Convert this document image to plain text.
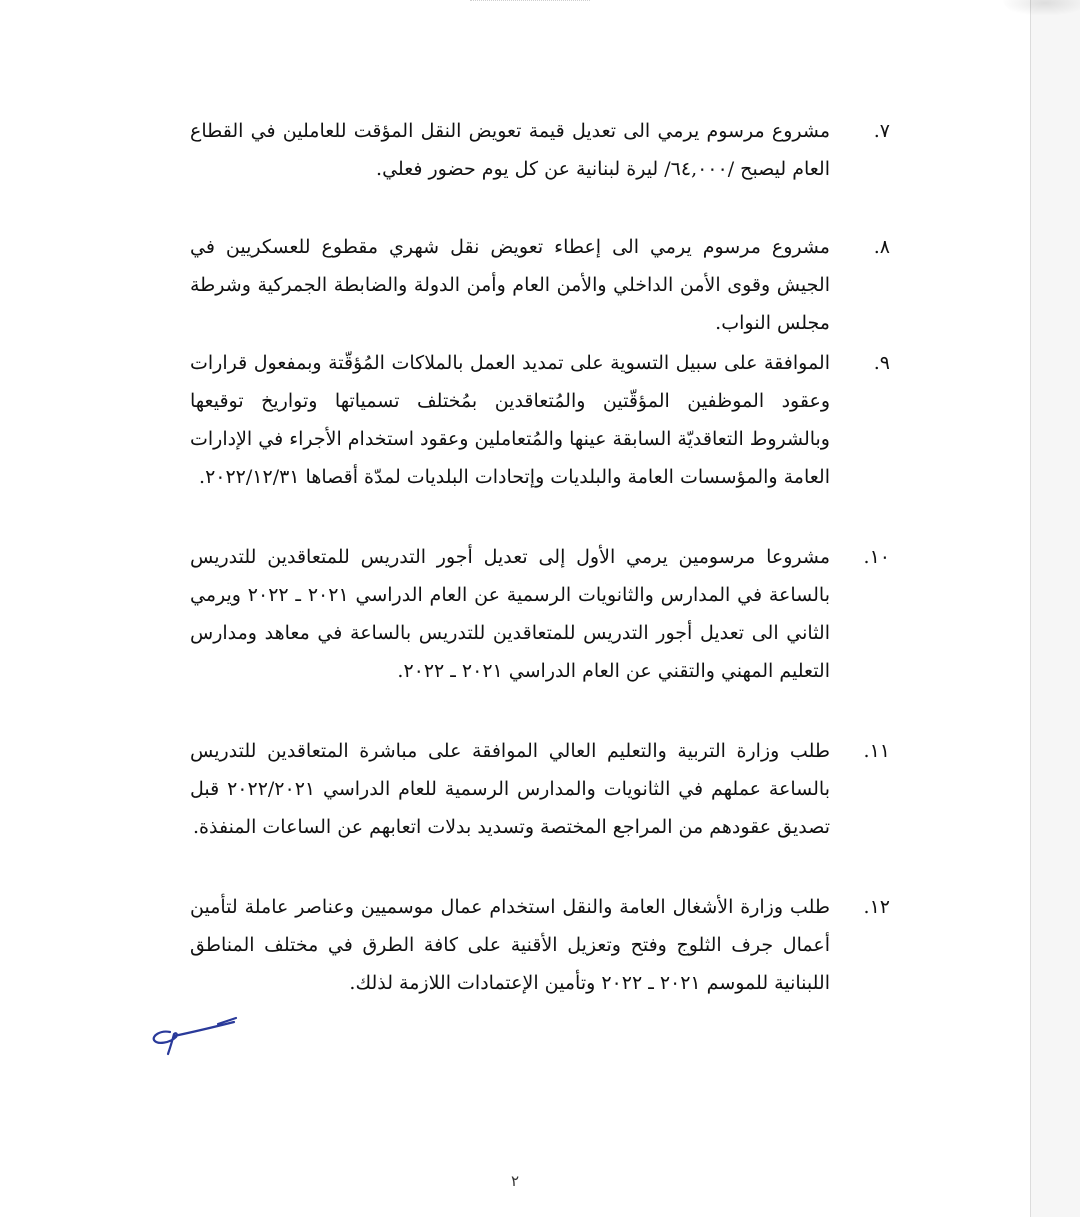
٧.

مشروع مرسوم يرمي الى تعديل قيمة تعويض النقل المؤقت للعاملين في القطاع العام ليصبح /٦٤,٠٠٠/ ليرة لبنانية عن كل يوم حضور فعلي.

٨.

مشروع مرسوم يرمي الى إعطاء تعويض نقل شهري مقطوع للعسكريين في الجيش وقوى الأمن الداخلي والأمن العام وأمن الدولة والضابطة الجمركية وشرطة مجلس النواب.

٩.

الموافقة على سبيل التسوية على تمديد العمل بالملاكات المُؤقّتة وبمفعول قرارات وعقود الموظفين المؤقّتين والمُتعاقدين بمُختلف تسمياتها وتواريخ توقيعها وبالشروط التعاقديّة السابقة عينها والمُتعاملين وعقود استخدام الأجراء في الإدارات العامة والمؤسسات العامة والبلديات وإتحادات البلديات لمدّة أقصاها ٢٠٢٢/١٢/٣١.

١٠.

مشروعا مرسومين يرمي الأول إلى تعديل أجور التدريس للمتعاقدين للتدريس بالساعة في المدارس والثانويات الرسمية عن العام الدراسي ٢٠٢١ ـ ٢٠٢٢ ويرمي الثاني الى تعديل أجور التدريس للمتعاقدين للتدريس بالساعة في معاهد ومدارس التعليم المهني والتقني عن العام الدراسي ٢٠٢١ ـ ٢٠٢٢.

١١.

طلب وزارة التربية والتعليم العالي الموافقة على مباشرة المتعاقدين للتدريس بالساعة عملهم في الثانويات والمدارس الرسمية للعام الدراسي ٢٠٢٢/٢٠٢١ قبل تصديق عقودهم من المراجع المختصة وتسديد بدلات اتعابهم عن الساعات المنفذة.

١٢.

طلب وزارة الأشغال العامة والنقل استخدام عمال موسميين وعناصر عاملة لتأمين أعمال جرف الثلوج وفتح وتعزيل الأقنية على كافة الطرق في مختلف المناطق اللبنانية للموسم ٢٠٢١ ـ ٢٠٢٢ وتأمين الإعتمادات اللازمة لذلك.

٢
